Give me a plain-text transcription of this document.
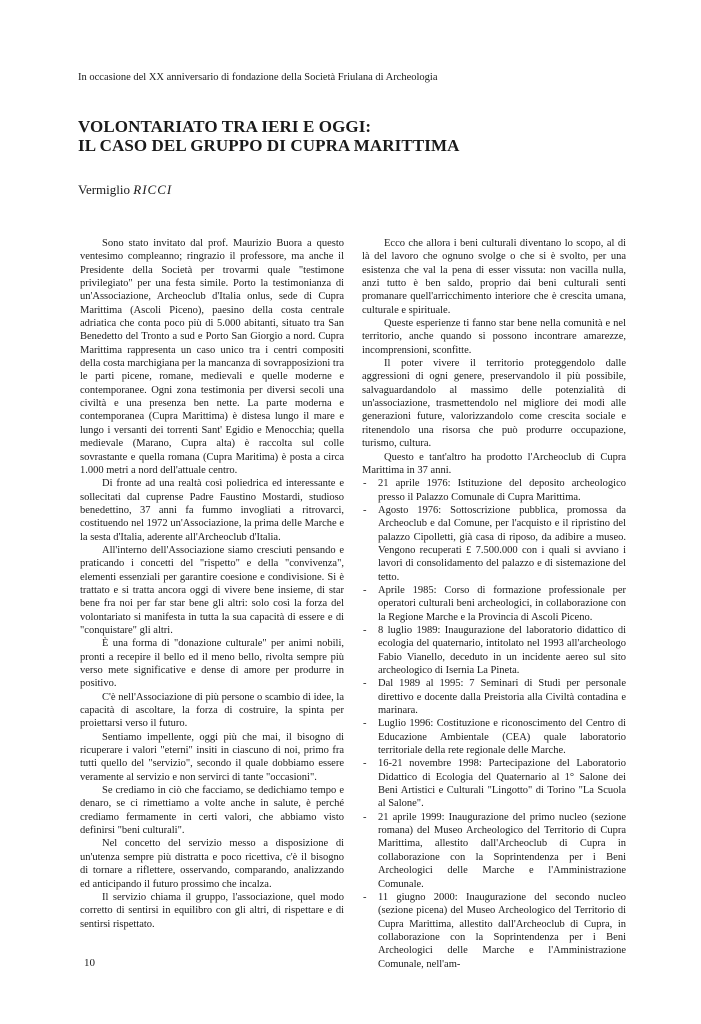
In occasione del XX anniversario di fondazione della Società Friulana di Archeologia
VOLONTARIATO TRA IERI E OGGI:
IL CASO DEL GRUPPO DI CUPRA MARITTIMA
Vermiglio RICCI

Sono stato invitato dal prof. Maurizio Buora a questo ventesimo compleanno; ringrazio il professore, ma anche il Presidente della Società per trovarmi quale "testimone privilegiato" per una festa simile. Porto la testimonianza di un'Associazione, Archeoclub d'Italia onlus, sede di Cupra Marittima (Ascoli Piceno), paesino della costa centrale adriatica che conta poco più di 5.000 abitanti, situato tra San Benedetto del Tronto a sud e Porto San Giorgio a nord. Cupra Marittima rappresenta un caso unico tra i centri compositi della costa marchigiana per la mancanza di sovrapposizioni tra le parti picene, romane, medievali e quelle moderne e contemporanee. Ogni zona testimonia per diversi secoli una civiltà e una presenza ben nette. La parte moderna e contemporanea (Cupra Marittima) è distesa lungo il mare e lungo i versanti dei torrenti Sant' Egidio e Menocchia; quella medievale (Marano, Cupra alta) è raccolta sul colle sovrastante e quella romana (Cupra Maritima) è posta a circa 1.000 metri a nord dell'attuale centro.

Di fronte ad una realtà così poliedrica ed interessante e sollecitati dal cuprense Padre Faustino Mostardi, studioso benedettino, 37 anni fa fummo invogliati a ritrovarci, costituendo nel 1972 un'Associazione, la prima delle Marche e la sesta d'Italia, aderente all'Archeoclub d'Italia.

All'interno dell'Associazione siamo cresciuti pensando e praticando i concetti del "rispetto" e della "convivenza", elementi essenziali per garantire coesione e condivisione. Si è trattato e si tratta ancora oggi di vivere bene insieme, di star bene fra noi per far star bene gli altri: solo così la forza del volontariato si manifesta in tutta la sua capacità di essere e di "conquistare" gli altri.

È una forma di "donazione culturale" per animi nobili, pronti a recepire il bello ed il meno bello, rivolta sempre più verso mete significative e dense di amore per produrre in positivo.

C'è nell'Associazione di più persone o scambio di idee, la capacità di ascoltare, la forza di costruire, la spinta per proiettarsi verso il futuro.

Sentiamo impellente, oggi più che mai, il bisogno di ricuperare i valori "eterni" insiti in ciascuno di noi, primo fra tutti quello del "servizio", secondo il quale dobbiamo essere veramente al servizio e non servirci di tante "occasioni".

Se crediamo in ciò che facciamo, se dedichiamo tempo e denaro, se ci rimettiamo a volte anche in salute, è perché crediamo fermamente in certi valori, che abbiamo visto definirsi "beni culturali".

Nel concetto del servizio messo a disposizione di un'utenza sempre più distratta e poco ricettiva, c'è il bisogno di tornare a riflettere, osservando, comparando, analizzando ed anticipando il futuro prossimo che incalza.

Il servizio chiama il gruppo, l'associazione, quel modo corretto di sentirsi in equilibro con gli altri, di rispettare e di sentirsi rispettato.

Ecco che allora i beni culturali diventano lo scopo, al di là del lavoro che ognuno svolge o che si è svolto, per una esistenza che val la pena di esser vissuta: non vacilla nulla, anzi tutto è ben saldo, proprio dai beni culturali senti promanare quell'arricchimento interiore che è crescita umana, culturale e spirituale.

Queste esperienze ti fanno star bene nella comunità e nel territorio, anche quando si possono incontrare amarezze, incomprensioni, sconfitte.

Il poter vivere il territorio proteggendolo dalle aggressioni di ogni genere, preservandolo il più possibile, salvaguardandolo al massimo delle potenzialità di un'associazione, trasmettendolo nel migliore dei modi alle generazioni future, valorizzandolo come crescita sociale e ritenendolo una risorsa che può produrre occupazione, turismo, cultura.

Questo e tant'altro ha prodotto l'Archeoclub di Cupra Marittima in 37 anni.

- 21 aprile 1976: Istituzione del deposito archeologico presso il Palazzo Comunale di Cupra Marittima.
- Agosto 1976: Sottoscrizione pubblica, promossa da Archeoclub e dal Comune, per l'acquisto e il ripristino del palazzo Cipolletti, già casa di riposo, da adibire a museo. Vengono recuperati £ 7.500.000 con i quali si avviano i lavori di consolidamento del palazzo e di sistemazione del tetto.
- Aprile 1985: Corso di formazione professionale per operatori culturali beni archeologici, in collaborazione con la Regione Marche e la Provincia di Ascoli Piceno.
- 8 luglio 1989: Inaugurazione del laboratorio didattico di ecologia del quaternario, intitolato nel 1993 all'archeologo Fabio Vianello, deceduto in un incidente aereo sul sito archeologico di Isernia La Pineta.
- Dal 1989 al 1995: 7 Seminari di Studi per personale direttivo e docente dalla Preistoria alla Civiltà contadina e marinara.
- Luglio 1996: Costituzione e riconoscimento del Centro di Educazione Ambientale (CEA) quale laboratorio territoriale della rete regionale delle Marche.
- 16-21 novembre 1998: Partecipazione del Laboratorio Didattico di Ecologia del Quaternario al 1° Salone dei Beni Artistici e Culturali "Lingotto" di Torino "La Scuola al Salone".
- 21 aprile 1999: Inaugurazione del primo nucleo (sezione romana) del Museo Archeologico del Territorio di Cupra Marittima, allestito dall'Archeoclub di Cupra in collaborazione con la Soprintendenza per i Beni Archeologici delle Marche e l'Amministrazione Comunale.
- 11 giugno 2000: Inaugurazione del secondo nucleo (sezione picena) del Museo Archeologico del Territorio di Cupra Marittima, allestito dall'Archeoclub di Cupra, in collaborazione con la Soprintendenza per i Beni Archeologici delle Marche e l'Amministrazione Comunale, nell'am-
10
